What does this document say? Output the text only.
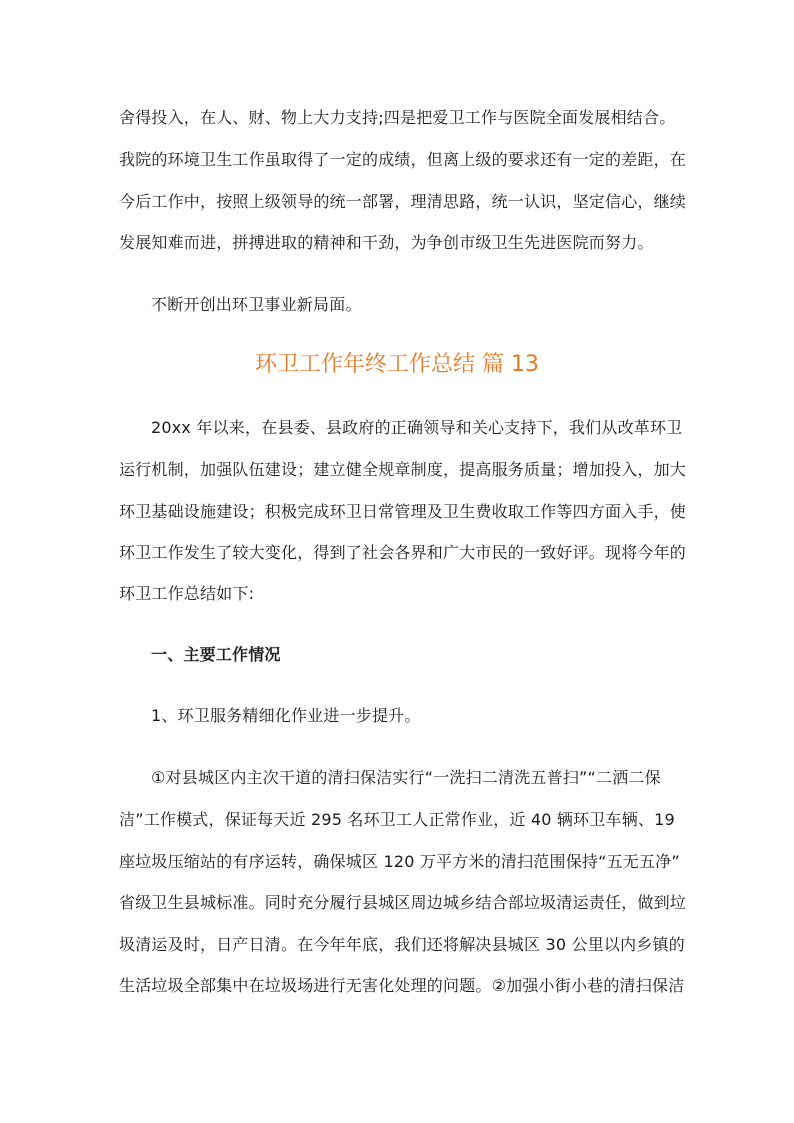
舍得投入，在人、财、物上大力支持;四是把爱卫工作与医院全面发展相结合。
我院的环境卫生工作虽取得了一定的成绩，但离上级的要求还有一定的差距，在
今后工作中，按照上级领导的统一部署，理清思路，统一认识，坚定信心，继续
发展知难而进，拼搏进取的精神和干劲，为争创市级卫生先进医院而努力。
不断开创出环卫事业新局面。
环卫工作年终工作总结 篇 13
20xx 年以来，在县委、县政府的正确领导和关心支持下，我们从改革环卫
运行机制，加强队伍建设；建立健全规章制度，提高服务质量；增加投入，加大
环卫基础设施建设；积极完成环卫日常管理及卫生费收取工作等四方面入手，使
环卫工作发生了较大变化，得到了社会各界和广大市民的一致好评。现将今年的
环卫工作总结如下:
一、主要工作情况
1、环卫服务精细化作业进一步提升。
①对县城区内主次干道的清扫保洁实行“一洗扫二清洗五普扫”“二洒二保
洁”工作模式，保证每天近 295 名环卫工人正常作业，近 40 辆环卫车辆、19
座垃圾压缩站的有序运转，确保城区 120 万平方米的清扫范围保持“五无五净”
省级卫生县城标准。同时充分履行县城区周边城乡结合部垃圾清运责任，做到垃
圾清运及时，日产日清。在今年年底，我们还将解决县城区 30 公里以内乡镇的
生活垃圾全部集中在垃圾场进行无害化处理的问题。②加强小街小巷的清扫保洁
